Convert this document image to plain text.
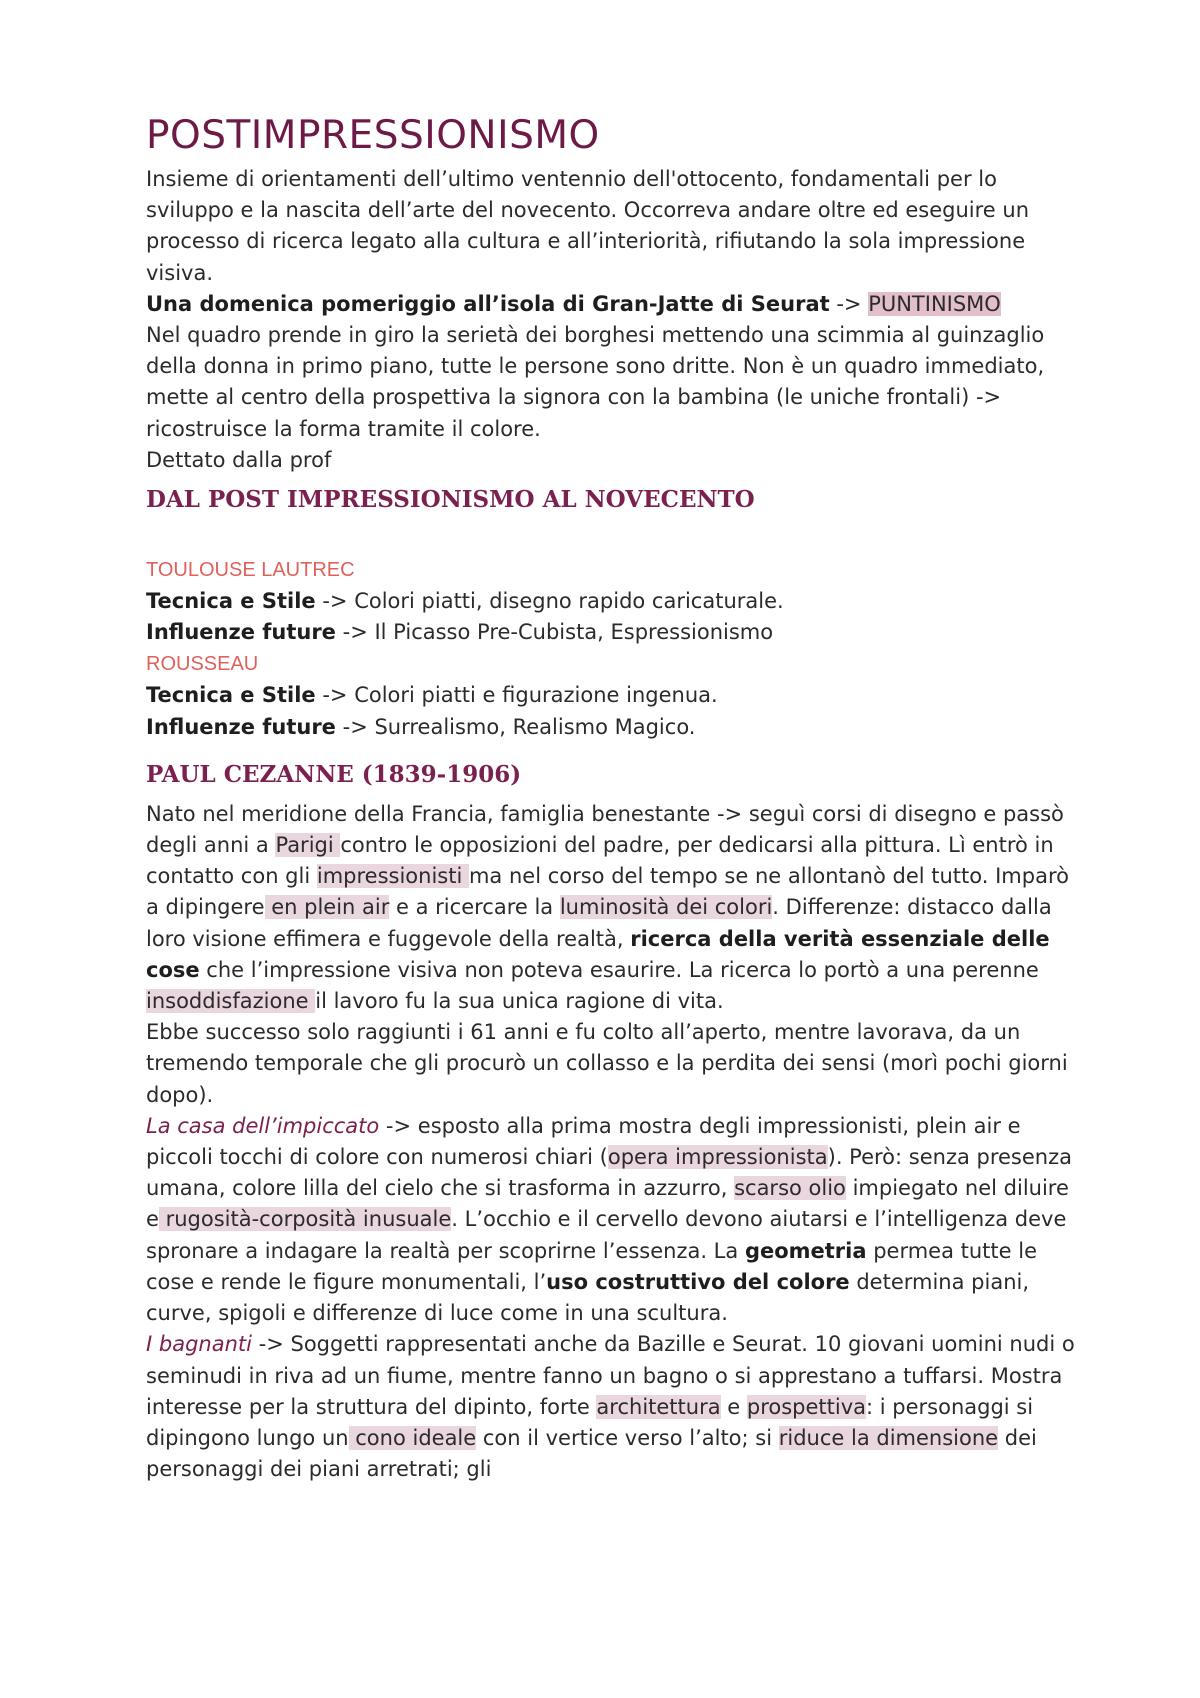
POSTIMPRESSIONISMO

Insieme di orientamenti dell’ultimo ventennio dell'ottocento, fondamentali per lo sviluppo e la nascita dell’arte del novecento. Occorreva andare oltre ed eseguire un processo di ricerca legato alla cultura e all’interiorità, rifiutando la sola impressione visiva.

Una domenica pomeriggio all’isola di Gran-Jatte di Seurat -> PUNTINISMO

Nel quadro prende in giro la serietà dei borghesi mettendo una scimmia al guinzaglio della donna in primo piano, tutte le persone sono dritte. Non è un quadro immediato, mette al centro della prospettiva la signora con la bambina (le uniche frontali) -> ricostruisce la forma tramite il colore.

Dettato dalla prof

DAL POST IMPRESSIONISMO AL NOVECENTO
TOULOUSE LAUTREC

Tecnica e Stile -> Colori piatti, disegno rapido caricaturale.

Influenze future -> Il Picasso Pre-Cubista, Espressionismo

ROUSSEAU

Tecnica e Stile -> Colori piatti e figurazione ingenua.

Influenze future -> Surrealismo, Realismo Magico.

PAUL CEZANNE (1839-1906)

Nato nel meridione della Francia, famiglia benestante -> seguì corsi di disegno e passò degli anni a Parigi contro le opposizioni del padre, per dedicarsi alla pittura. Lì entrò in contatto con gli impressionisti ma nel corso del tempo se ne allontanò del tutto. Imparò a dipingere en plein air e a ricercare la luminosità dei colori. Differenze: distacco dalla loro visione effimera e fuggevole della realtà, ricerca della verità essenziale delle cose che l’impressione visiva non poteva esaurire. La ricerca lo portò a una perenne insoddisfazione il lavoro fu la sua unica ragione di vita.

Ebbe successo solo raggiunti i 61 anni e fu colto all’aperto, mentre lavorava, da un tremendo temporale che gli procurò un collasso e la perdita dei sensi (morì pochi giorni dopo).

La casa dell’impiccato -> esposto alla prima mostra degli impressionisti, plein air e piccoli tocchi di colore con numerosi chiari (opera impressionista). Però: senza presenza umana, colore lilla del cielo che si trasforma in azzurro, scarso olio impiegato nel diluire e rugosità-corposità inusuale. L’occhio e il cervello devono aiutarsi e l’intelligenza deve spronare a indagare la realtà per scoprirne l’essenza. La geometria permea tutte le cose e rende le figure monumentali, l’uso costruttivo del colore determina piani, curve, spigoli e differenze di luce come in una scultura.

I bagnanti -> Soggetti rappresentati anche da Bazille e Seurat. 10 giovani uomini nudi o seminudi in riva ad un fiume, mentre fanno un bagno o si apprestano a tuffarsi. Mostra interesse per la struttura del dipinto, forte architettura e prospettiva: i personaggi si dipingono lungo un cono ideale con il vertice verso l’alto; si riduce la dimensione dei personaggi dei piani arretrati; gli
